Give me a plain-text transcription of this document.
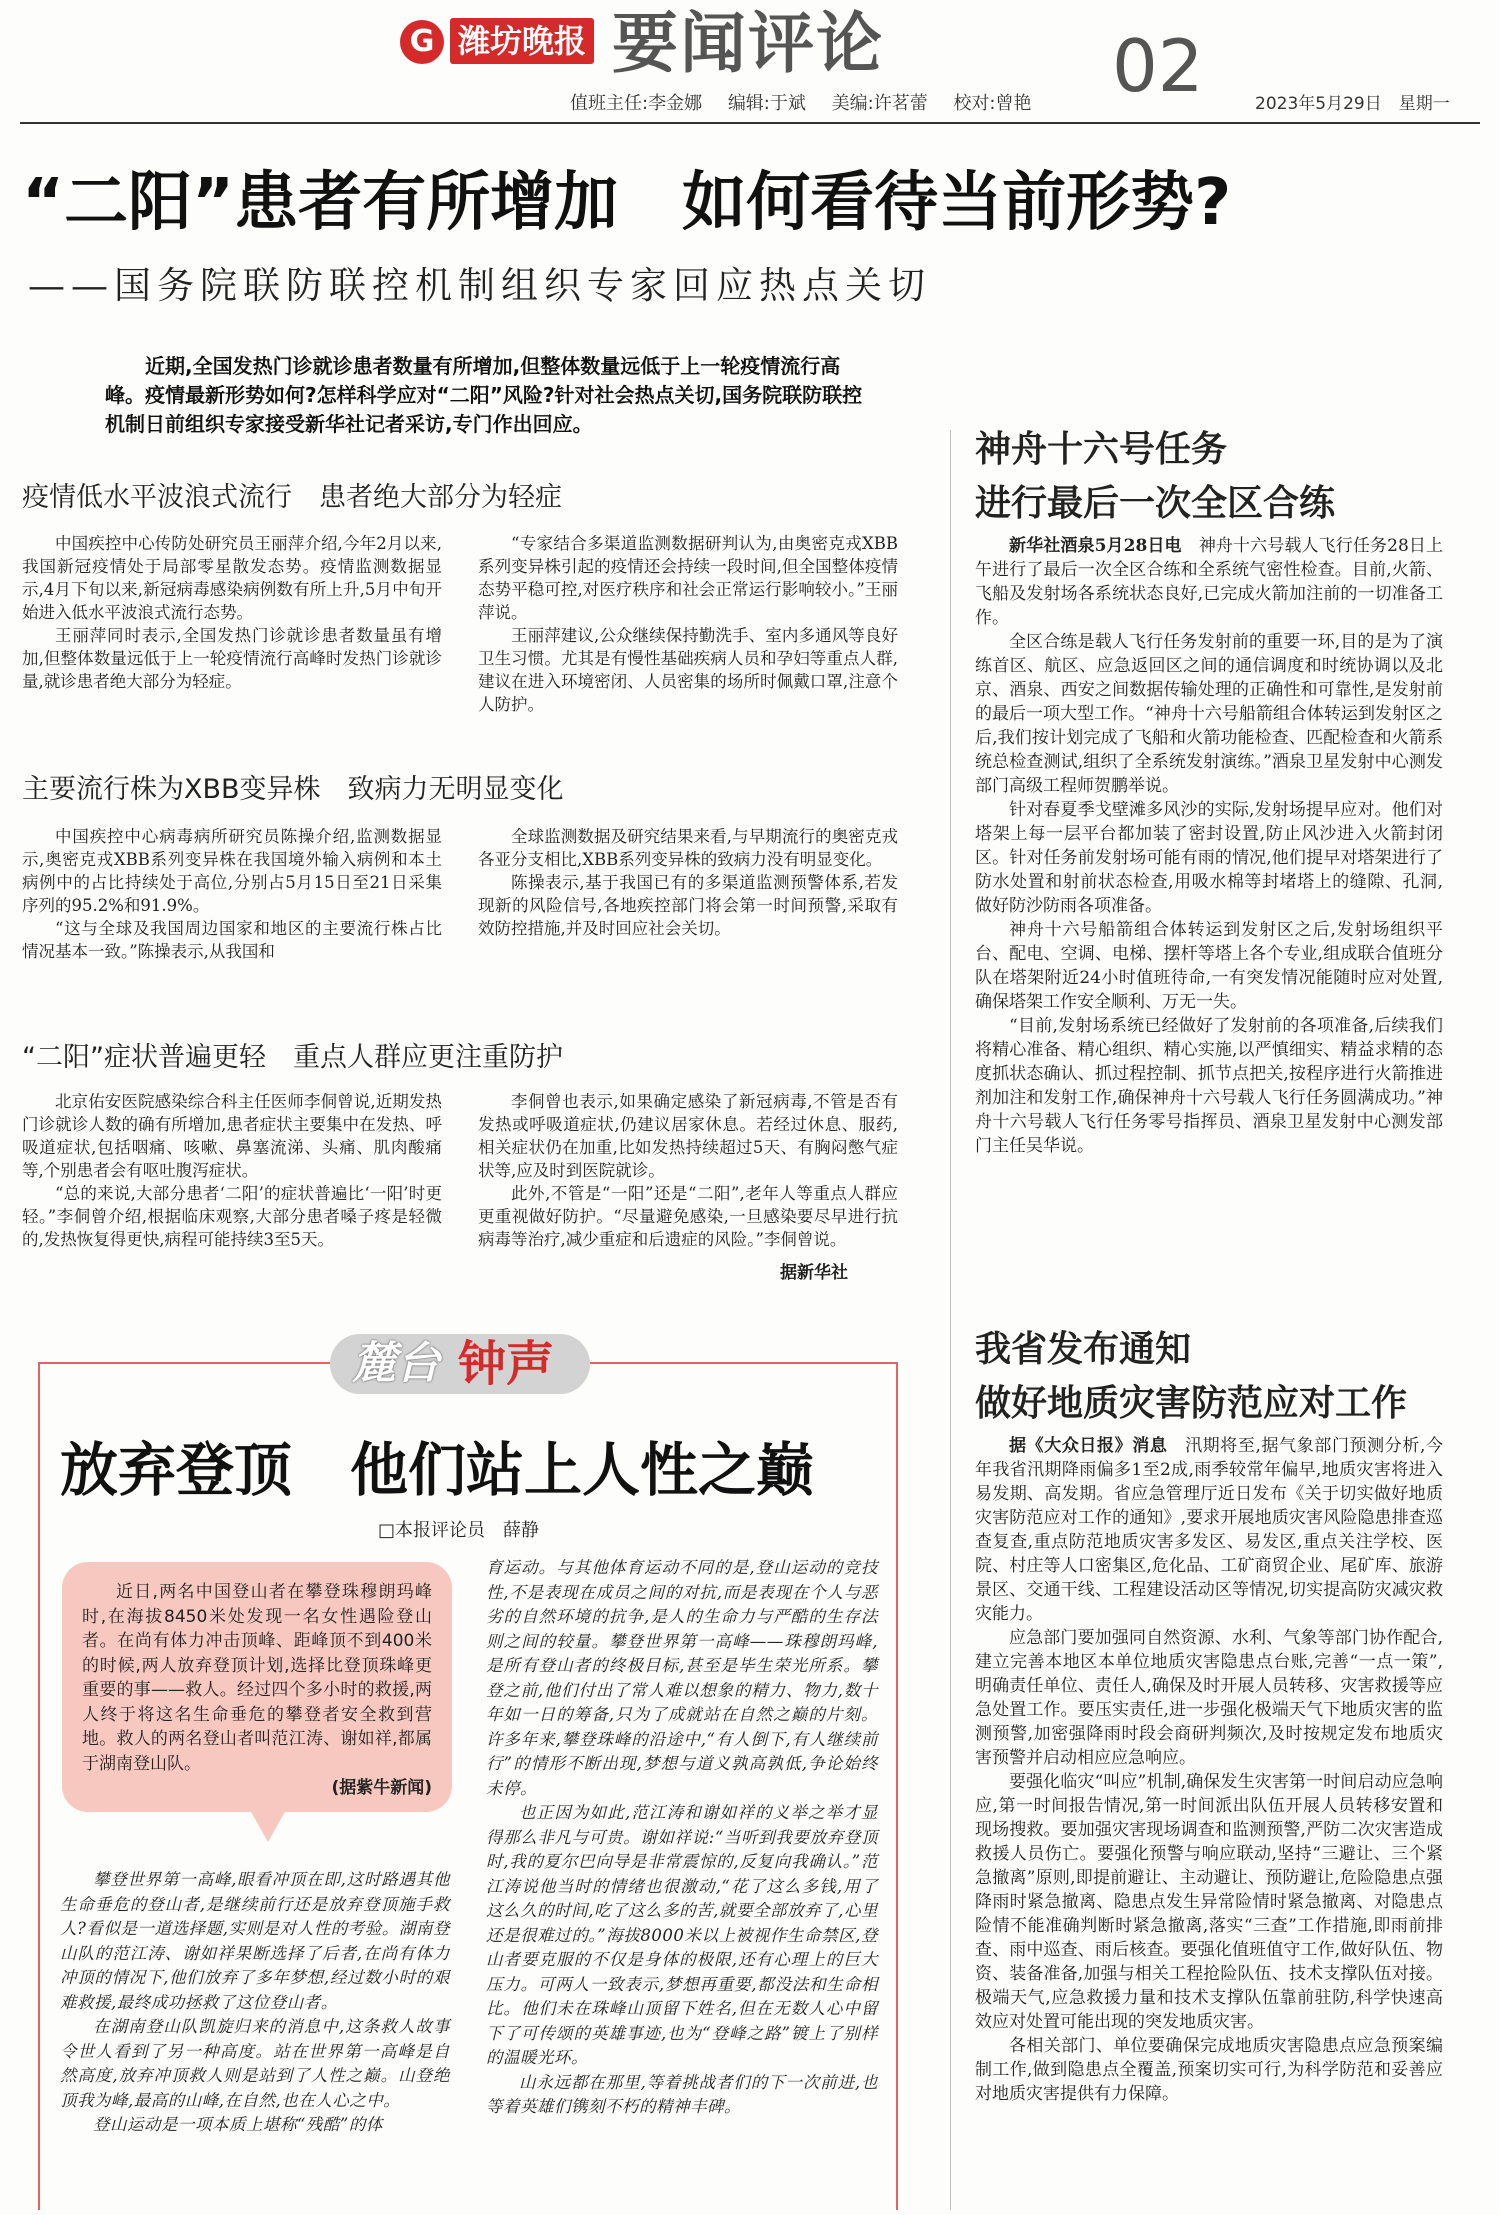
G 潍坊晚报 要闻评论	02
值班主任:李金娜 编辑:于斌 美编:许茗蕾 校对:曾艳	2023年5月29日　星期一
“二阳”患者有所增加　如何看待当前形势?
——国务院联防联控机制组织专家回应热点关切

近期,全国发热门诊就诊患者数量有所增加,但整体数量远低于上一轮疫情流行高峰。疫情最新形势如何?怎样科学应对“二阳”风险?针对社会热点关切,国务院联防联控机制日前组织专家接受新华社记者采访,专门作出回应。

疫情低水平波浪式流行　患者绝大部分为轻症

中国疾控中心传防处研究员王丽萍介绍,今年2月以来,我国新冠疫情处于局部零星散发态势。疫情监测数据显示,4月下旬以来,新冠病毒感染病例数有所上升,5月中旬开始进入低水平波浪式流行态势。

王丽萍同时表示,全国发热门诊就诊患者数量虽有增加,但整体数量远低于上一轮疫情流行高峰时发热门诊就诊量,就诊患者绝大部分为轻症。

“专家结合多渠道监测数据研判认为,由奥密克戎XBB系列变异株引起的疫情还会持续一段时间,但全国整体疫情态势平稳可控,对医疗秩序和社会正常运行影响较小。”王丽萍说。

王丽萍建议,公众继续保持勤洗手、室内多通风等良好卫生习惯。尤其是有慢性基础疾病人员和孕妇等重点人群,建议在进入环境密闭、人员密集的场所时佩戴口罩,注意个人防护。

主要流行株为XBB变异株　致病力无明显变化

中国疾控中心病毒病所研究员陈操介绍,监测数据显示,奥密克戎XBB系列变异株在我国境外输入病例和本土病例中的占比持续处于高位,分别占5月15日至21日采集序列的95.2%和91.9%。

“这与全球及我国周边国家和地区的主要流行株占比情况基本一致。”陈操表示,从我国和

全球监测数据及研究结果来看,与早期流行的奥密克戎各亚分支相比,XBB系列变异株的致病力没有明显变化。

陈操表示,基于我国已有的多渠道监测预警体系,若发现新的风险信号,各地疾控部门将会第一时间预警,采取有效防控措施,并及时回应社会关切。

“二阳”症状普遍更轻　重点人群应更注重防护

北京佑安医院感染综合科主任医师李侗曾说,近期发热门诊就诊人数的确有所增加,患者症状主要集中在发热、呼吸道症状,包括咽痛、咳嗽、鼻塞流涕、头痛、肌肉酸痛等,个别患者会有呕吐腹泻症状。

“总的来说,大部分患者‘二阳’的症状普遍比‘一阳’时更轻。”李侗曾介绍,根据临床观察,大部分患者嗓子疼是轻微的,发热恢复得更快,病程可能持续3至5天。

李侗曾也表示,如果确定感染了新冠病毒,不管是否有发热或呼吸道症状,仍建议居家休息。若经过休息、服药,相关症状仍在加重,比如发热持续超过5天、有胸闷憋气症状等,应及时到医院就诊。

此外,不管是“一阳”还是“二阳”,老年人等重点人群应更重视做好防护。“尽量避免感染,一旦感染要尽早进行抗病毒等治疗,减少重症和后遗症的风险。”李侗曾说。

据新华社
神舟十六号任务
进行最后一次全区合练

新华社酒泉5月28日电　 神舟十六号载人飞行任务28日上午进行了最后一次全区合练和全系统气密性检查。目前,火箭、飞船及发射场各系统状态良好,已完成火箭加注前的一切准备工作。

全区合练是载人飞行任务发射前的重要一环,目的是为了演练首区、航区、应急返回区之间的通信调度和时统协调以及北京、酒泉、西安之间数据传输处理的正确性和可靠性,是发射前的最后一项大型工作。“神舟十六号船箭组合体转运到发射区之后,我们按计划完成了飞船和火箭功能检查、匹配检查和火箭系统总检查测试,组织了全系统发射演练。”酒泉卫星发射中心测发部门高级工程师贺鹏举说。

针对春夏季戈壁滩多风沙的实际,发射场提早应对。他们对塔架上每一层平台都加装了密封设置,防止风沙进入火箭封闭区。针对任务前发射场可能有雨的情况,他们提早对塔架进行了防水处置和射前状态检查,用吸水棉等封堵塔上的缝隙、孔洞,做好防沙防雨各项准备。

神舟十六号船箭组合体转运到发射区之后,发射场组织平台、配电、空调、电梯、摆杆等塔上各个专业,组成联合值班分队在塔架附近24小时值班待命,一有突发情况能随时应对处置,确保塔架工作安全顺利、万无一失。

“目前,发射场系统已经做好了发射前的各项准备,后续我们将精心准备、精心组织、精心实施,以严慎细实、精益求精的态度抓状态确认、抓过程控制、抓节点把关,按程序进行火箭推进剂加注和发射工作,确保神舟十六号载人飞行任务圆满成功。”神舟十六号载人飞行任务零号指挥员、酒泉卫星发射中心测发部门主任吴华说。

我省发布通知
做好地质灾害防范应对工作

据《大众日报》消息　 汛期将至,据气象部门预测分析,今年我省汛期降雨偏多1至2成,雨季较常年偏早,地质灾害将进入易发期、高发期。省应急管理厅近日发布《关于切实做好地质灾害防范应对工作的通知》,要求开展地质灾害风险隐患排查巡查复查,重点防范地质灾害多发区、易发区,重点关注学校、医院、村庄等人口密集区,危化品、工矿商贸企业、尾矿库、旅游景区、交通干线、工程建设活动区等情况,切实提高防灾减灾救灾能力。

应急部门要加强同自然资源、水利、气象等部门协作配合,建立完善本地区本单位地质灾害隐患点台账,完善“一点一策”,明确责任单位、责任人,确保及时开展人员转移、灾害救援等应急处置工作。要压实责任,进一步强化极端天气下地质灾害的监测预警,加密强降雨时段会商研判频次,及时按规定发布地质灾害预警并启动相应应急响应。

要强化临灾“叫应”机制,确保发生灾害第一时间启动应急响应,第一时间报告情况,第一时间派出队伍开展人员转移安置和现场搜救。要加强灾害现场调查和监测预警,严防二次灾害造成救援人员伤亡。要强化预警与响应联动,坚持“三避让、三个紧急撤离”原则,即提前避让、主动避让、预防避让,危险隐患点强降雨时紧急撤离、隐患点发生异常险情时紧急撤离、对隐患点险情不能准确判断时紧急撤离,落实“三查”工作措施,即雨前排查、雨中巡查、雨后核查。要强化值班值守工作,做好队伍、物资、装备准备,加强与相关工程抢险队伍、技术支撑队伍对接。极端天气,应急救援力量和技术支撑队伍靠前驻防,科学快速高效应对处置可能出现的突发地质灾害。

各相关部门、单位要确保完成地质灾害隐患点应急预案编制工作,做到隐患点全覆盖,预案切实可行,为科学防范和妥善应对地质灾害提供有力保障。

麓台 钟声
放弃登顶　他们站上人性之巅
□本报评论员　薛静

近日,两名中国登山者在攀登珠穆朗玛峰时,在海拔8450米处发现一名女性遇险登山者。在尚有体力冲击顶峰、距峰顶不到400米的时候,两人放弃登顶计划,选择比登顶珠峰更重要的事——救人。经过四个多小时的救援,两人终于将这名生命垂危的攀登者安全救到营地。救人的两名登山者叫范江涛、谢如祥,都属于湖南登山队。

(据紫牛新闻)

攀登世界第一高峰,眼看冲顶在即,这时路遇其他生命垂危的登山者,是继续前行还是放弃登顶施手救人?看似是一道选择题,实则是对人性的考验。湖南登山队的范江涛、谢如祥果断选择了后者,在尚有体力冲顶的情况下,他们放弃了多年梦想,经过数小时的艰难救援,最终成功拯救了这位登山者。

在湖南登山队凯旋归来的消息中,这条救人故事令世人看到了另一种高度。站在世界第一高峰是自然高度,放弃冲顶救人则是站到了人性之巅。山登绝顶我为峰,最高的山峰,在自然,也在人心之中。

登山运动是一项本质上堪称“残酷”的体

育运动。与其他体育运动不同的是,登山运动的竞技性,不是表现在成员之间的对抗,而是表现在个人与恶劣的自然环境的抗争,是人的生命力与严酷的生存法则之间的较量。攀登世界第一高峰——珠穆朗玛峰,是所有登山者的终极目标,甚至是毕生荣光所系。攀登之前,他们付出了常人难以想象的精力、物力,数十年如一日的筹备,只为了成就站在自然之巅的片刻。许多年来,攀登珠峰的沿途中,“有人倒下,有人继续前行”的情形不断出现,梦想与道义孰高孰低,争论始终未停。

也正因为如此,范江涛和谢如祥的义举之举才显得那么非凡与可贵。谢如祥说:“当听到我要放弃登顶时,我的夏尔巴向导是非常震惊的,反复向我确认。”范江涛说他当时的情绪也很激动,“花了这么多钱,用了这么久的时间,吃了这么多的苦,就要全部放弃了,心里还是很难过的。”海拔8000米以上被视作生命禁区,登山者要克服的不仅是身体的极限,还有心理上的巨大压力。可两人一致表示,梦想再重要,都没法和生命相比。他们未在珠峰山顶留下姓名,但在无数人心中留下了可传颂的英雄事迹,也为“登峰之路”镀上了别样的温暖光环。

山永远都在那里,等着挑战者们的下一次前进,也等着英雄们镌刻不朽的精神丰碑。
